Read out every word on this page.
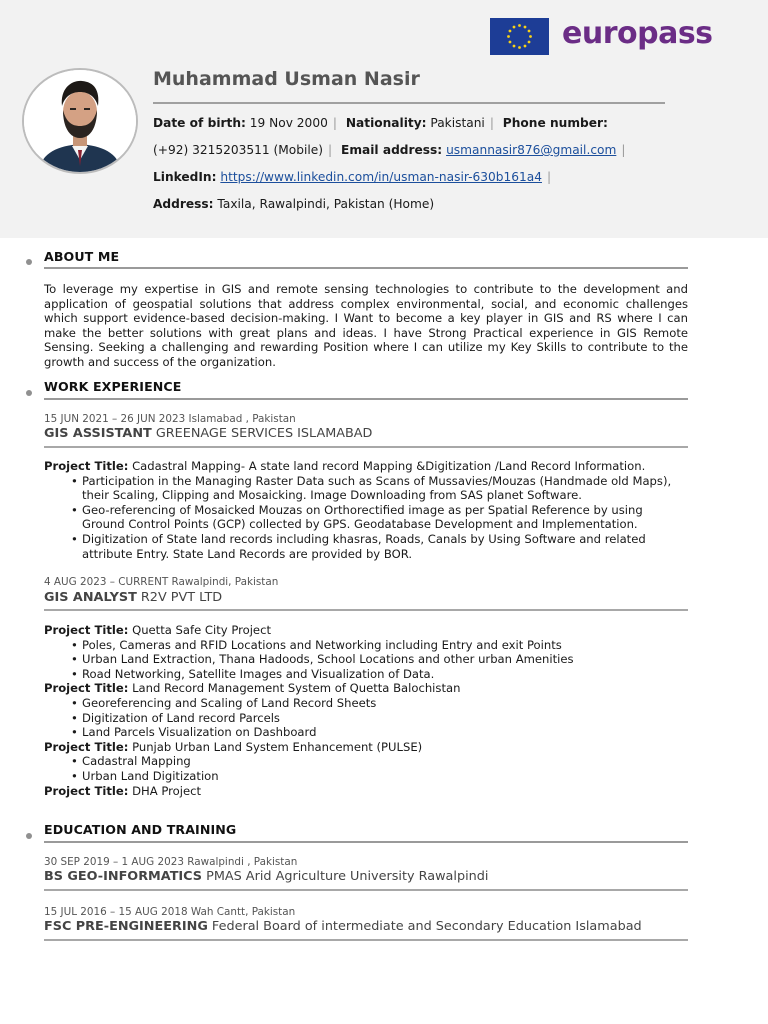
europass
Muhammad Usman Nasir
Date of birth: 19 Nov 2000 | Nationality: Pakistani | Phone number:
(+92) 3215203511 (Mobile) | Email address: usmannasir876@gmail.com |
LinkedIn: https://www.linkedin.com/in/usman-nasir-630b161a4 |
Address: Taxila, Rawalpindi, Pakistan (Home)
ABOUT ME
To leverage my expertise in GIS and remote sensing technologies to contribute to the development and application of geospatial solutions that address complex environmental, social, and economic challenges which support evidence-based decision-making. I Want to become a key player in GIS and RS where I can make the better solutions with great plans and ideas. I have Strong Practical experience in GIS Remote Sensing. Seeking a challenging and rewarding Position where I can utilize my Key Skills to contribute to the growth and success of the organization.
WORK EXPERIENCE
15 JUN 2021 – 26 JUN 2023 Islamabad , Pakistan
GIS ASSISTANT GREENAGE SERVICES ISLAMABAD
Project Title: Cadastral Mapping- A state land record Mapping &Digitization /Land Record Information.
• Participation in the Managing Raster Data such as Scans of Mussavies/Mouzas (Handmade old Maps), their Scaling, Clipping and Mosaicking. Image Downloading from SAS planet Software.
• Geo-referencing of Mosaicked Mouzas on Orthorectified image as per Spatial Reference by using Ground Control Points (GCP) collected by GPS. Geodatabase Development and Implementation.
• Digitization of State land records including khasras, Roads, Canals by Using Software and related attribute Entry. State Land Records are provided by BOR.
4 AUG 2023 – CURRENT Rawalpindi, Pakistan
GIS ANALYST R2V PVT LTD
Project Title: Quetta Safe City Project
• Poles, Cameras and RFID Locations and Networking including Entry and exit Points
• Urban Land Extraction, Thana Hadoods, School Locations and other urban Amenities
• Road Networking, Satellite Images and Visualization of Data.
Project Title: Land Record Management System of Quetta Balochistan
• Georeferencing and Scaling of Land Record Sheets
• Digitization of Land record Parcels
• Land Parcels Visualization on Dashboard
Project Title: Punjab Urban Land System Enhancement (PULSE)
• Cadastral Mapping
• Urban Land Digitization
Project Title: DHA Project
EDUCATION AND TRAINING
30 SEP 2019 – 1 AUG 2023 Rawalpindi , Pakistan
BS GEO-INFORMATICS PMAS Arid Agriculture University Rawalpindi
15 JUL 2016 – 15 AUG 2018 Wah Cantt, Pakistan
FSC PRE-ENGINEERING Federal Board of intermediate and Secondary Education Islamabad
